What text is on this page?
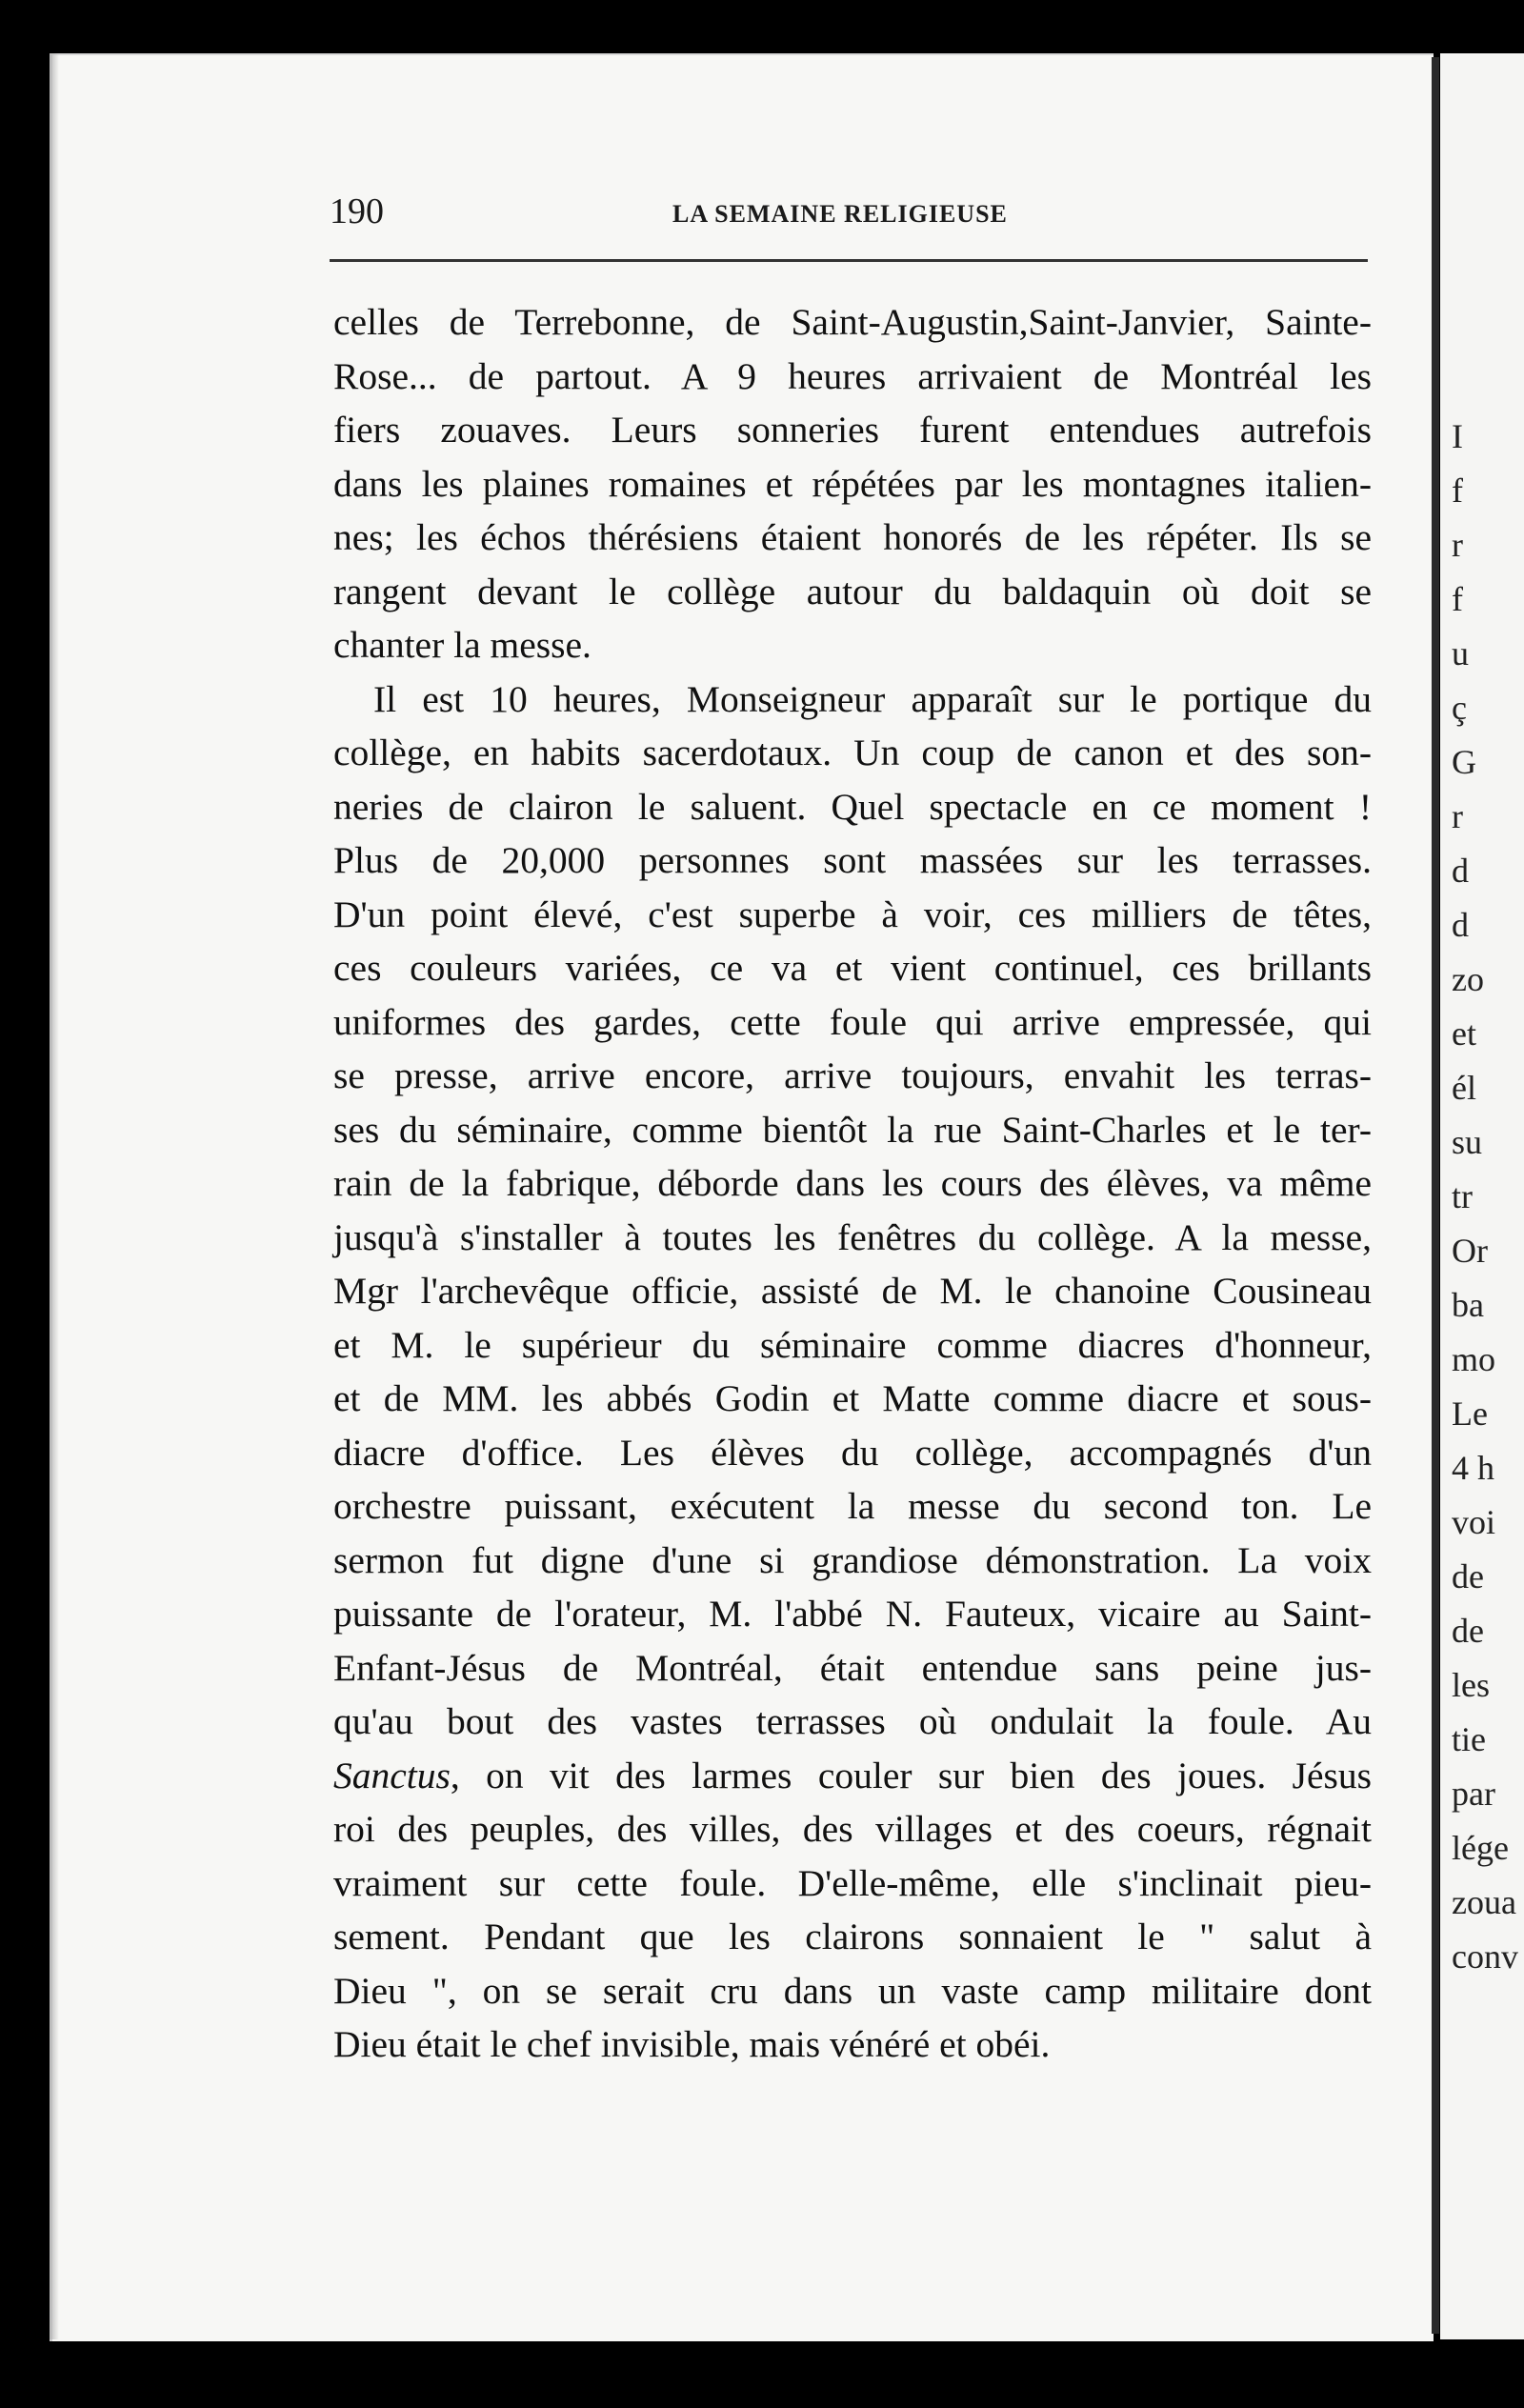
I
f
r
f
u
ç
G
r
d
d
zo
et
él
su
tr
Or
ba
mo
Le
4 h
voi
de
de
les
tie
par
lége
zoua
conv
190	LA SEMAINE RELIGIEUSE

celles de Terrebonne, de Saint-Augustin,Saint-Janvier, Sainte-
Rose... de partout. A 9 heures arrivaient de Montréal les
fiers zouaves. Leurs sonneries furent entendues autrefois
dans les plaines romaines et répétées par les montagnes italien-
nes; les échos thérésiens étaient honorés de les répéter. Ils se
rangent devant le collège autour du baldaquin où doit se
chanter la messe.

Il est 10 heures, Monseigneur apparaît sur le portique du
collège, en habits sacerdotaux. Un coup de canon et des son-
neries de clairon le saluent. Quel spectacle en ce moment !
Plus de 20,000 personnes sont massées sur les terrasses.
D'un point élevé, c'est superbe à voir, ces milliers de têtes,
ces couleurs variées, ce va et vient continuel, ces brillants
uniformes des gardes, cette foule qui arrive empressée, qui
se presse, arrive encore, arrive toujours, envahit les terras-
ses du séminaire, comme bientôt la rue Saint-Charles et le ter-
rain de la fabrique, déborde dans les cours des élèves, va même
jusqu'à s'installer à toutes les fenêtres du collège. A la messe,
Mgr l'archevêque officie, assisté de M. le chanoine Cousineau
et M. le supérieur du séminaire comme diacres d'honneur,
et de MM. les abbés Godin et Matte comme diacre et sous-
diacre d'office. Les élèves du collège, accompagnés d'un
orchestre puissant, exécutent la messe du second ton. Le
sermon fut digne d'une si grandiose démonstration. La voix
puissante de l'orateur, M. l'abbé N. Fauteux, vicaire au Saint-
Enfant-Jésus de Montréal, était entendue sans peine jus-
qu'au bout des vastes terrasses où ondulait la foule. Au
Sanctus, on vit des larmes couler sur bien des joues. Jésus
roi des peuples, des villes, des villages et des coeurs, régnait
vraiment sur cette foule. D'elle-même, elle s'inclinait pieu-
sement. Pendant que les clairons sonnaient le " salut à
Dieu ", on se serait cru dans un vaste camp militaire dont
Dieu était le chef invisible, mais vénéré et obéi.
